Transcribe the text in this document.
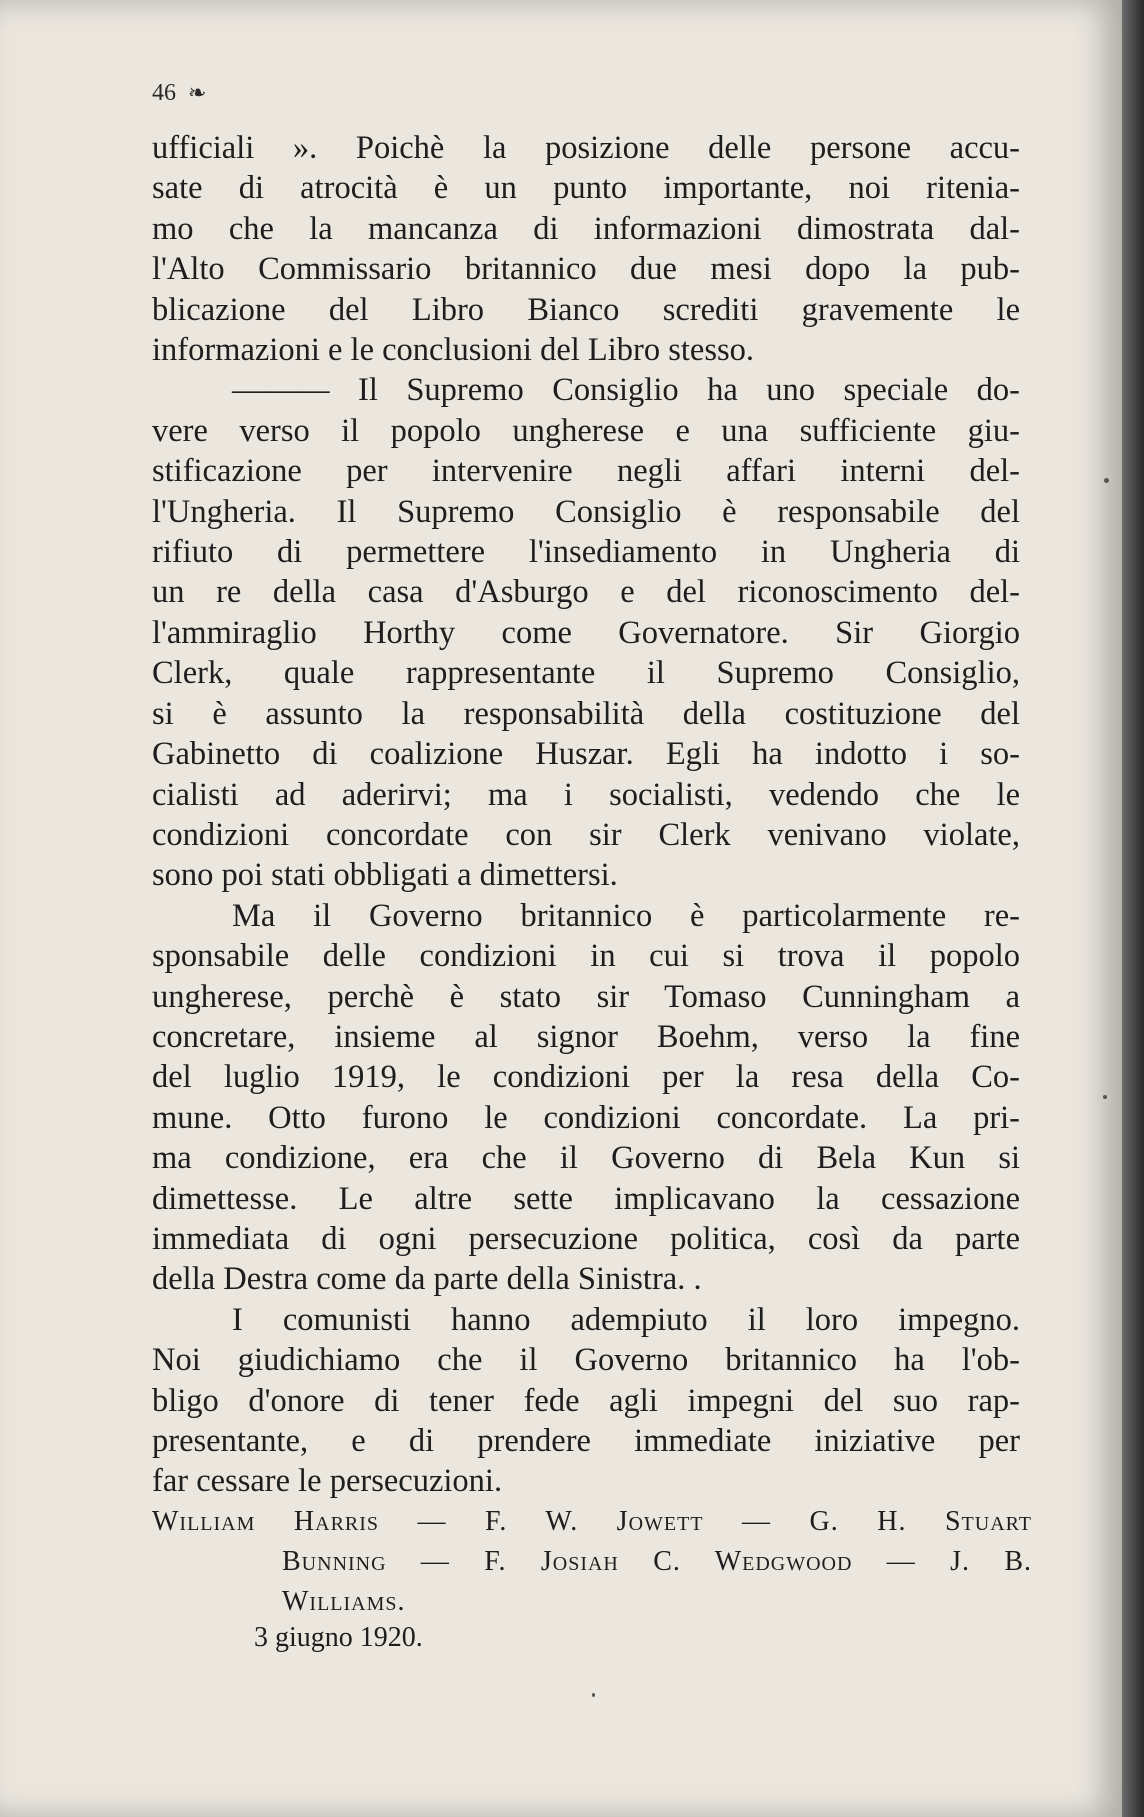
46 ❧
ufficiali ». Poichè la posizione delle persone accu-
sate di atrocità è un punto importante, noi ritenia-
mo che la mancanza di informazioni dimostrata dal-
l'Alto Commissario britannico due mesi dopo la pub-
blicazione del Libro Bianco screditi gravemente le
informazioni e le conclusioni del Libro stesso.
——— Il Supremo Consiglio ha uno speciale do-
vere verso il popolo ungherese e una sufficiente giu-
stificazione per intervenire negli affari interni del-
l'Ungheria. Il Supremo Consiglio è responsabile del
rifiuto di permettere l'insediamento in Ungheria di
un re della casa d'Asburgo e del riconoscimento del-
l'ammiraglio Horthy come Governatore. Sir Giorgio
Clerk, quale rappresentante il Supremo Consiglio,
si è assunto la responsabilità della costituzione del
Gabinetto di coalizione Huszar. Egli ha indotto i so-
cialisti ad aderirvi; ma i socialisti, vedendo che le
condizioni concordate con sir Clerk venivano violate,
sono poi stati obbligati a dimettersi.
Ma il Governo britannico è particolarmente re-
sponsabile delle condizioni in cui si trova il popolo
ungherese, perchè è stato sir Tomaso Cunningham a
concretare, insieme al signor Boehm, verso la fine
del luglio 1919, le condizioni per la resa della Co-
mune. Otto furono le condizioni concordate. La pri-
ma condizione, era che il Governo di Bela Kun si
dimettesse. Le altre sette implicavano la cessazione
immediata di ogni persecuzione politica, così da parte
della Destra come da parte della Sinistra. .
I comunisti hanno adempiuto il loro impegno.
Noi giudichiamo che il Governo britannico ha l'ob-
bligo d'onore di tener fede agli impegni del suo rap-
presentante, e di prendere immediate iniziative per
far cessare le persecuzioni.
William Harris — F. W. Jowett — G. H. Stuart
Bunning — F. Josiah C. Wedgwood — J. B.
Williams.
3 giugno 1920.
